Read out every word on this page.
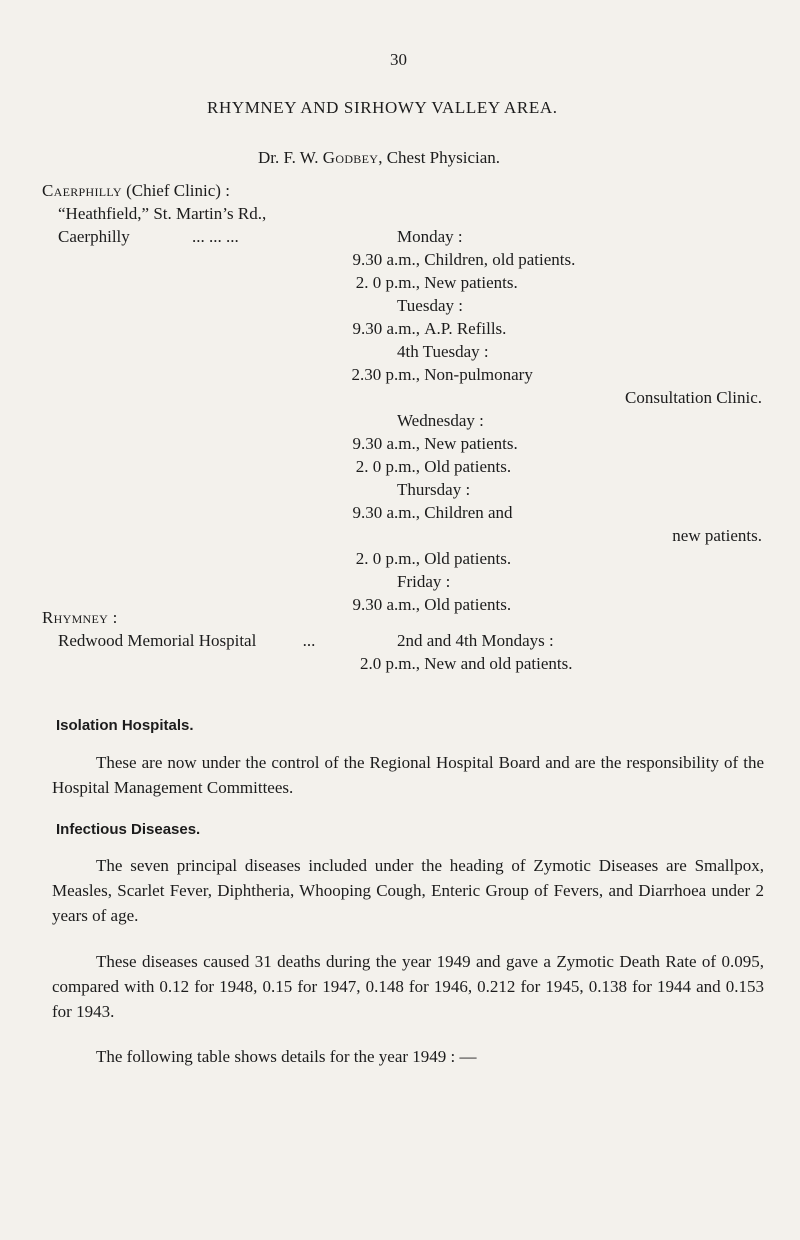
30
RHYMNEY AND SIRHOWY VALLEY AREA.
Dr. F. W. Godbey, Chest Physician.
Caerphilly (Chief Clinic) :
“Heathfield,” St. Martin’s Rd.,
Caerphilly	... ... ...	Monday :
9.30 a.m., Children, old patients.
2. 0 p.m., New patients.
Tuesday :
9.30 a.m., A.P. Refills.
4th Tuesday :
2.30 p.m., Non-pulmonary
Consultation Clinic.
Wednesday :
9.30 a.m., New patients.
2. 0 p.m., Old patients.
Thursday :
9.30 a.m., Children and
new patients.
2. 0 p.m., Old patients.
Friday :
9.30 a.m., Old patients.
Rhymney :
Redwood Memorial Hospital	...	2nd and 4th Mondays :
2.0 p.m., New and old patients.
Isolation Hospitals.
These are now under the control of the Regional Hospital Board and are the responsibility of the Hospital Management Committees.
Infectious Diseases.
The seven principal diseases included under the heading of Zymotic Diseases are Smallpox, Measles, Scarlet Fever, Diphtheria, Whooping Cough, Enteric Group of Fevers, and Diarrhoea under 2 years of age.
These diseases caused 31 deaths during the year 1949 and gave a Zymotic Death Rate of 0.095, compared with 0.12 for 1948, 0.15 for 1947, 0.148 for 1946, 0.212 for 1945, 0.138 for 1944 and 0.153 for 1943.
The following table shows details for the year 1949 : —
